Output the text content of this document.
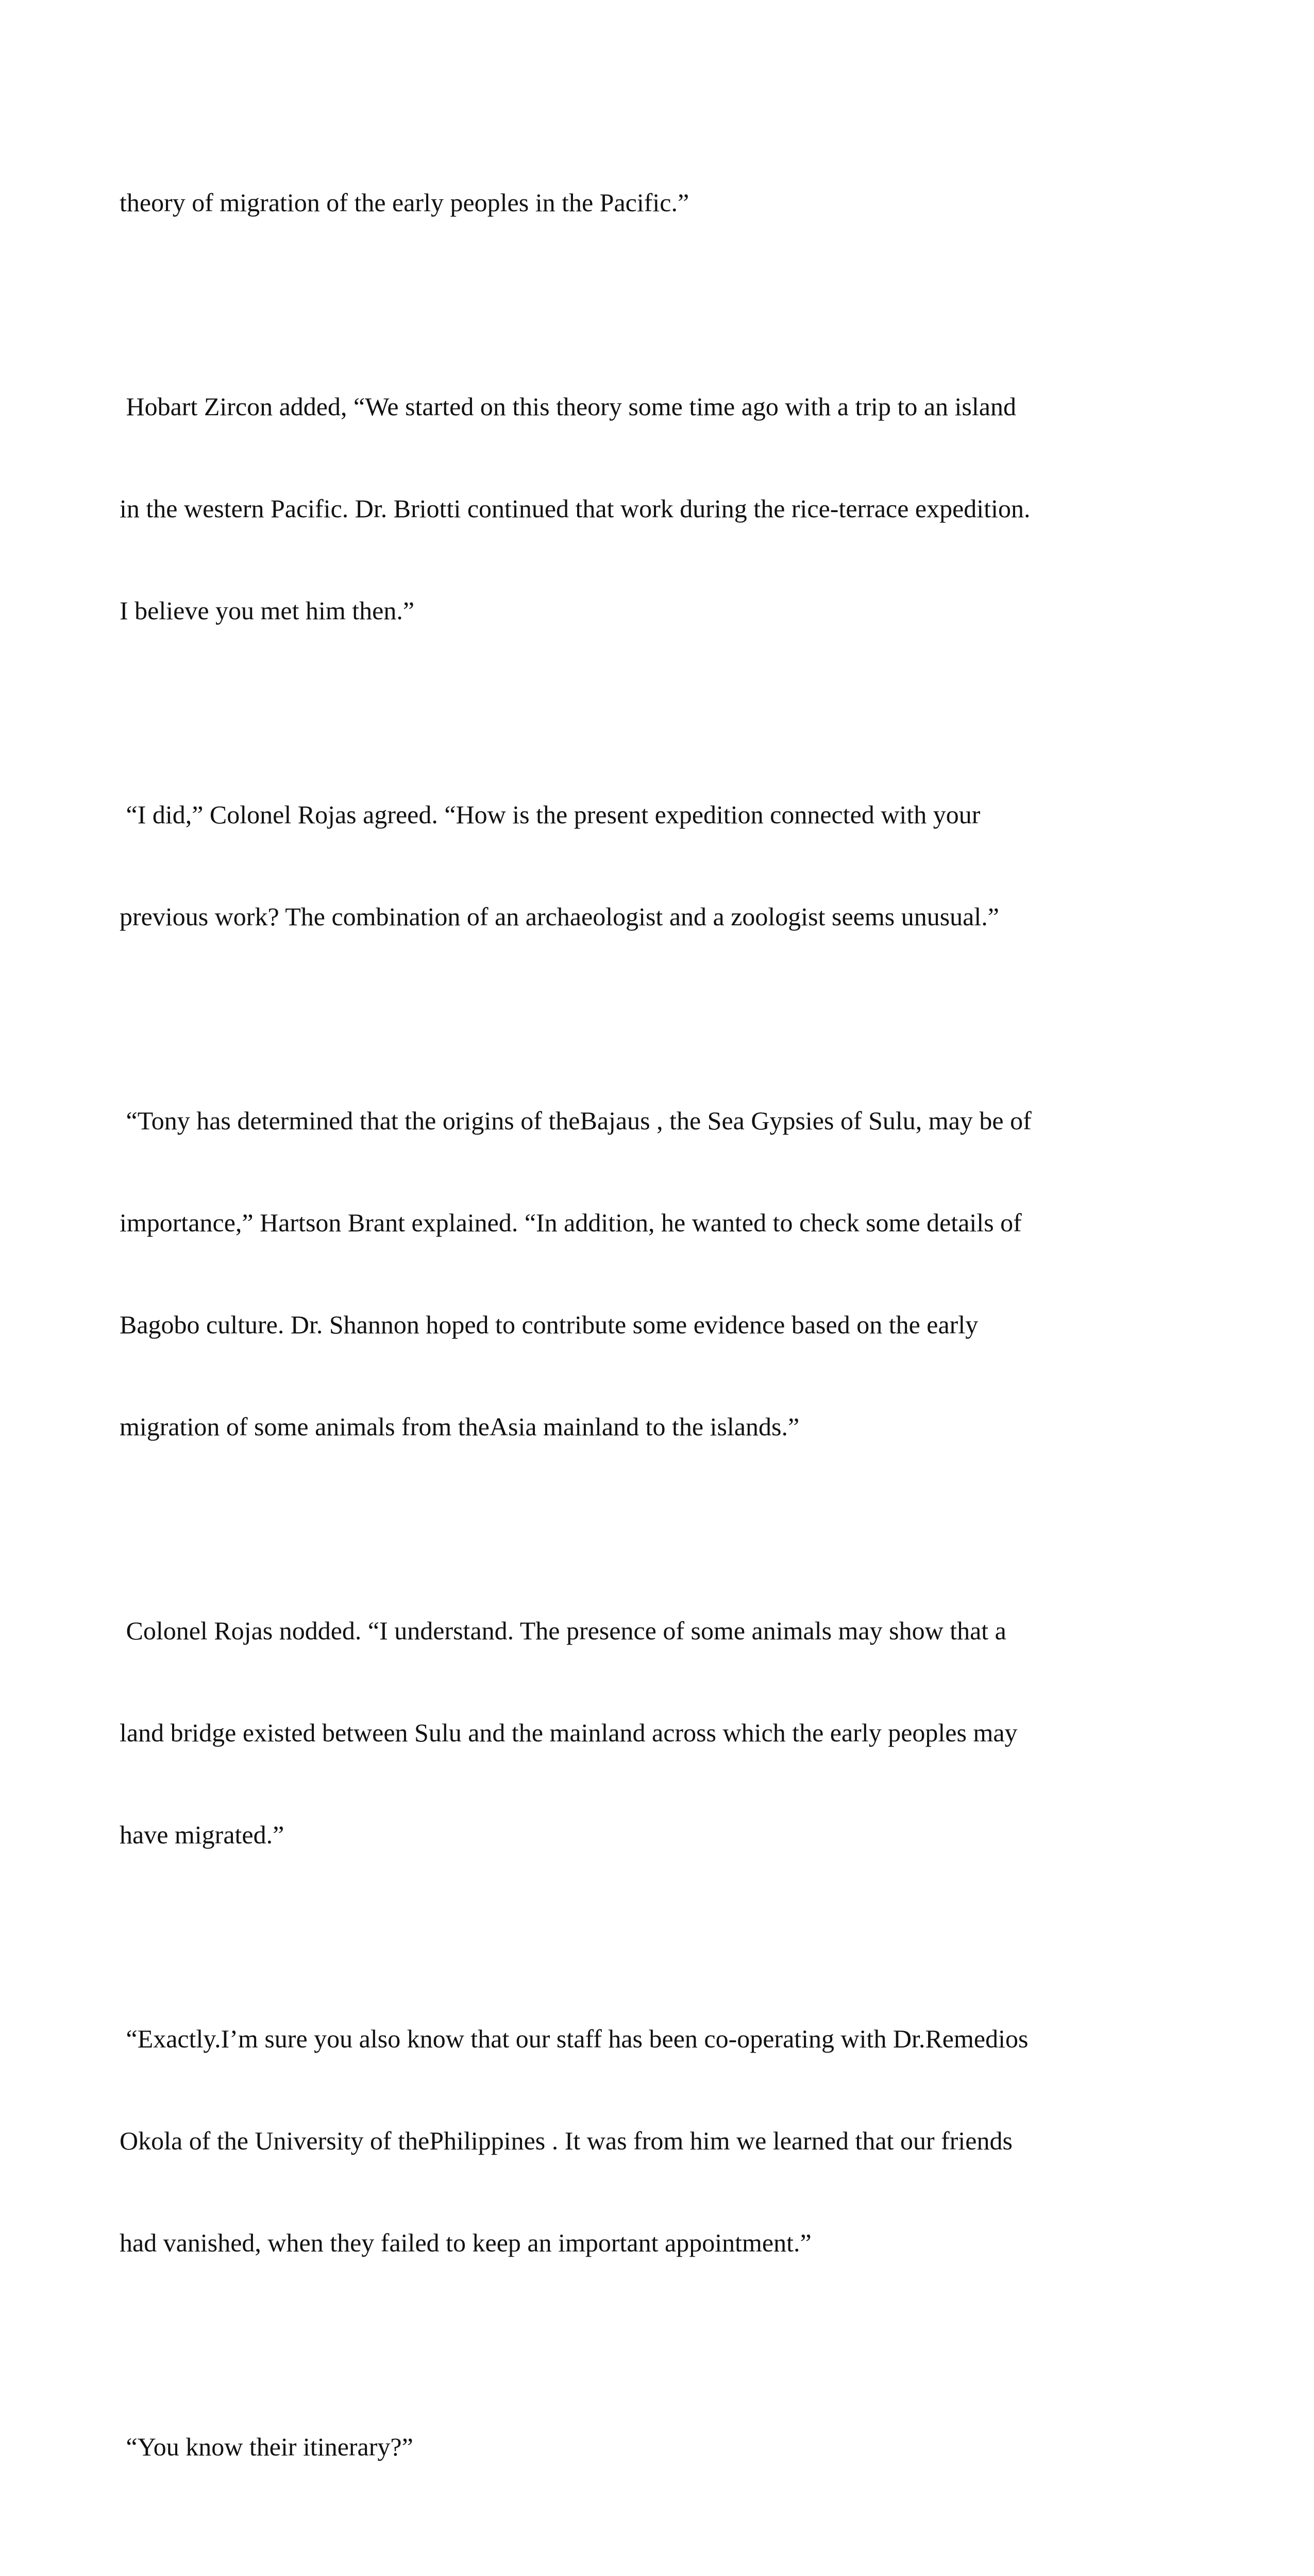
theory of migration of the early peoples in the Pacific.”

Hobart Zircon added, “We started on this theory some time ago with a trip to an island

in the western Pacific. Dr. Briotti continued that work during the rice-terrace expedition.

I believe you met him then.”

“I did,” Colonel Rojas agreed. “How is the present expedition connected with your

previous work? The combination of an archaeologist and a zoologist seems unusual.”

“Tony has determined that the origins of theBajaus , the Sea Gypsies of Sulu, may be of

importance,” Hartson Brant explained. “In addition, he wanted to check some details of

Bagobo culture. Dr. Shannon hoped to contribute some evidence based on the early

migration of some animals from theAsia mainland to the islands.”

Colonel Rojas nodded. “I understand. The presence of some animals may show that a

land bridge existed between Sulu and the mainland across which the early peoples may

have migrated.”

“Exactly.I’m sure you also know that our staff has been co-operating with Dr.Remedios

Okola of the University of thePhilippines . It was from him we learned that our friends

had vanished, when they failed to keep an important appointment.”

“You know their itinerary?”
